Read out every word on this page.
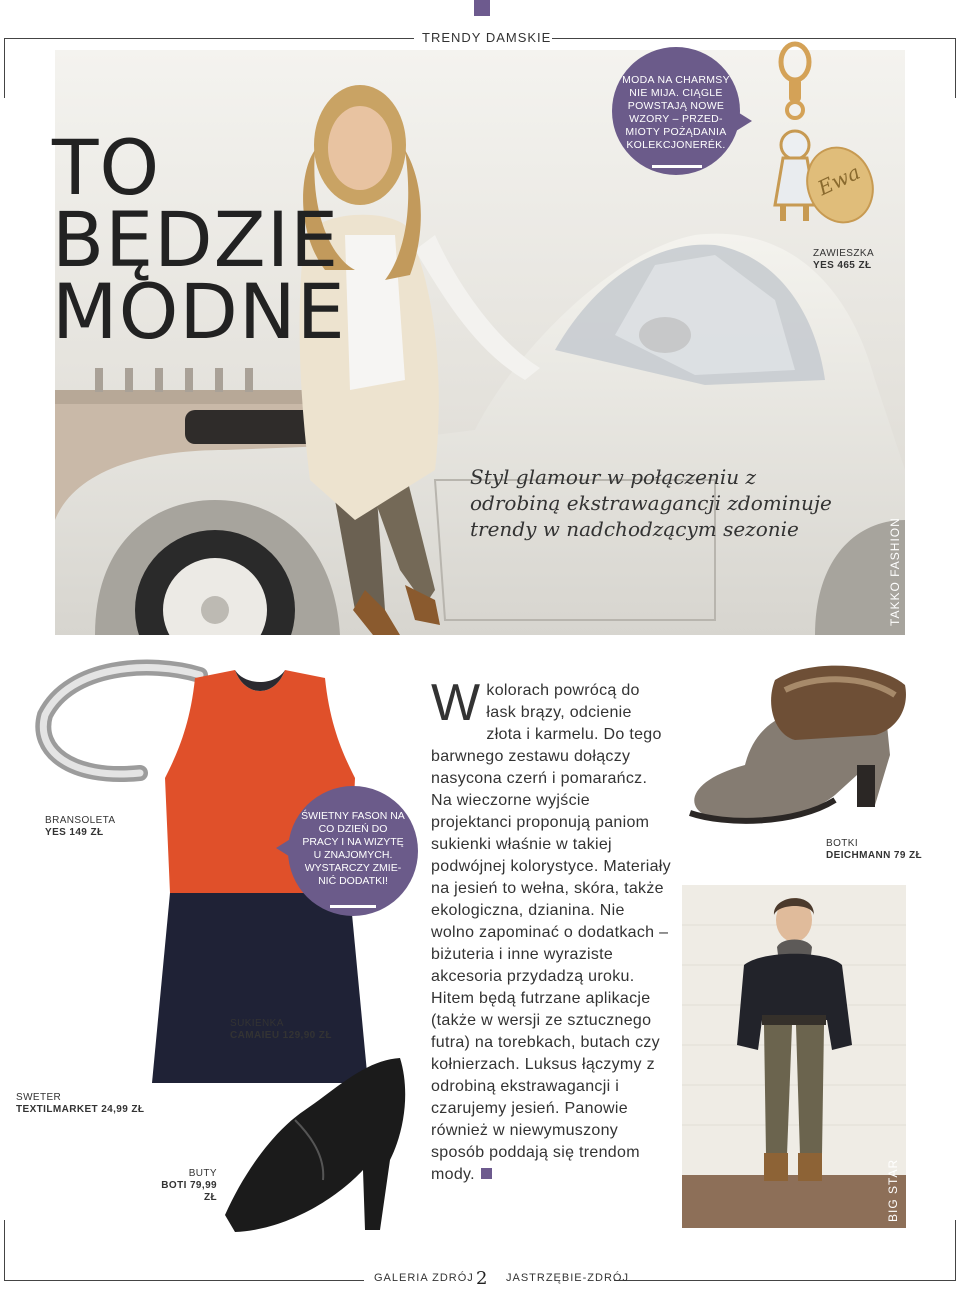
TRENDY DAMSKIE
TO
BĘDZIE
MODNE
MODA NA CHARMSY NIE MIJA. CIĄGLE POWSTAJĄ NOWE WZORY – PRZED-MIOTY POŻĄDANIA KOLEKCJONERÉK.
Ewa
ZAWIESZKA
YES 465 ZŁ
Styl glamour w połączeniu z odrobiną ekstrawagancji zdominuje trendy w nadchodzącym sezonie	TAKKO FASHION
BRANSOLETA
YES 149 ZŁ
SUKIENKA
CAMAIEU 129,90 ZŁ
ŚWIETNY FASON NA CO DZIEŃ DO PRACY I NA WIZYTĘ U ZNAJOMYCH. WYSTARCZY ZMIE-NIĆ DODATKI!
BUTY
BOTI 79,99 ZŁ
SWETER
TEXTILMARKET 24,99 ZŁ
Wkolorach powrócą do łask brązy, odcienie złota i karmelu. Do tego barwnego zestawu dołączy nasycona czerń i pomarańcz. Na wieczorne wyjście projektanci proponują paniom sukienki właśnie w takiej podwójnej kolorystyce. Materiały na jesień to wełna, skóra, także ekologiczna, dzianina. Nie wolno zapominać o dodatkach – biżuteria i inne wyraziste akcesoria przydadzą uroku. Hitem będą futrzane aplikacje (także w wersji ze sztucznego futra) na torebkach, butach czy kołnierzach. Luksus łączymy z odrobiną ekstrawagancji i czarujemy jesień. Panowie również w niewymuszony sposób poddają się trendom mody.
BOTKI
DEICHMANN 79 ZŁ
BIG STAR
GALERIA ZDRÓJ 2 JASTRZĘBIE-ZDRÓJ
